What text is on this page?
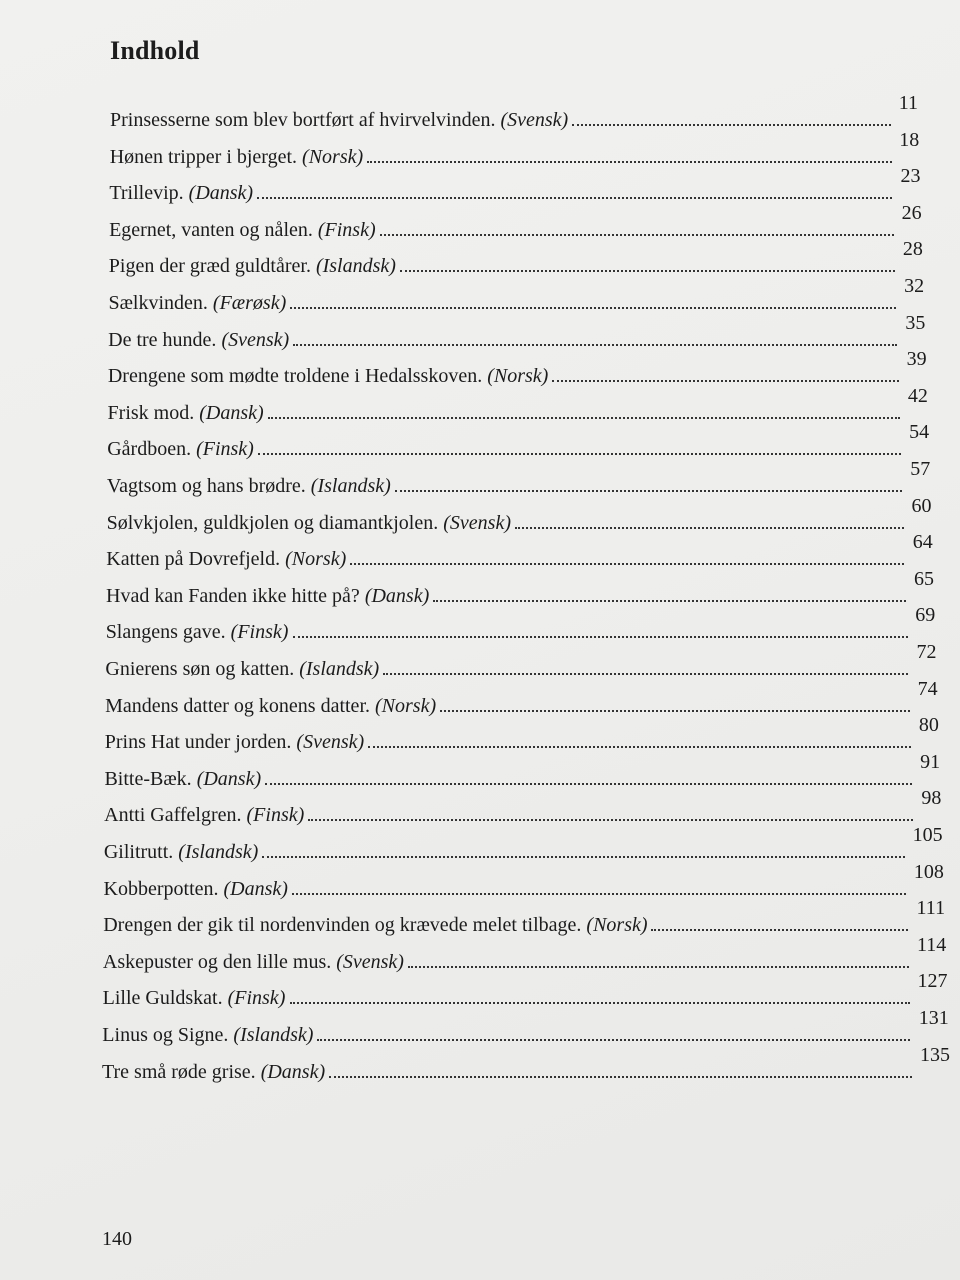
Indhold
Prinsesserne som blev bortført af hvirvelvinden. (Svensk)
11
Hønen tripper i bjerget. (Norsk)
18
Trillevip. (Dansk)
23
Egernet, vanten og nålen. (Finsk)
26
Pigen der græd guldtårer. (Islandsk)
28
Sælkvinden. (Færøsk)
32
De tre hunde. (Svensk)
35
Drengene som mødte troldene i Hedalsskoven. (Norsk)
39
Frisk mod. (Dansk)
42
Gårdboen. (Finsk)
54
Vagtsom og hans brødre. (Islandsk)
57
Sølvkjolen, guldkjolen og diamantkjolen. (Svensk)
60
Katten på Dovrefjeld. (Norsk)
64
Hvad kan Fanden ikke hitte på? (Dansk)
65
Slangens gave. (Finsk)
69
Gnierens søn og katten. (Islandsk)
72
Mandens datter og konens datter. (Norsk)
74
Prins Hat under jorden. (Svensk)
80
Bitte-Bæk. (Dansk)
91
Antti Gaffelgren. (Finsk)
98
Gilitrutt. (Islandsk)
105
Kobberpotten. (Dansk)
108
Drengen der gik til nordenvinden og krævede melet tilbage. (Norsk)
111
Askepuster og den lille mus. (Svensk)
114
Lille Guldskat. (Finsk)
127
Linus og Signe. (Islandsk)
131
Tre små røde grise. (Dansk)
135
140
